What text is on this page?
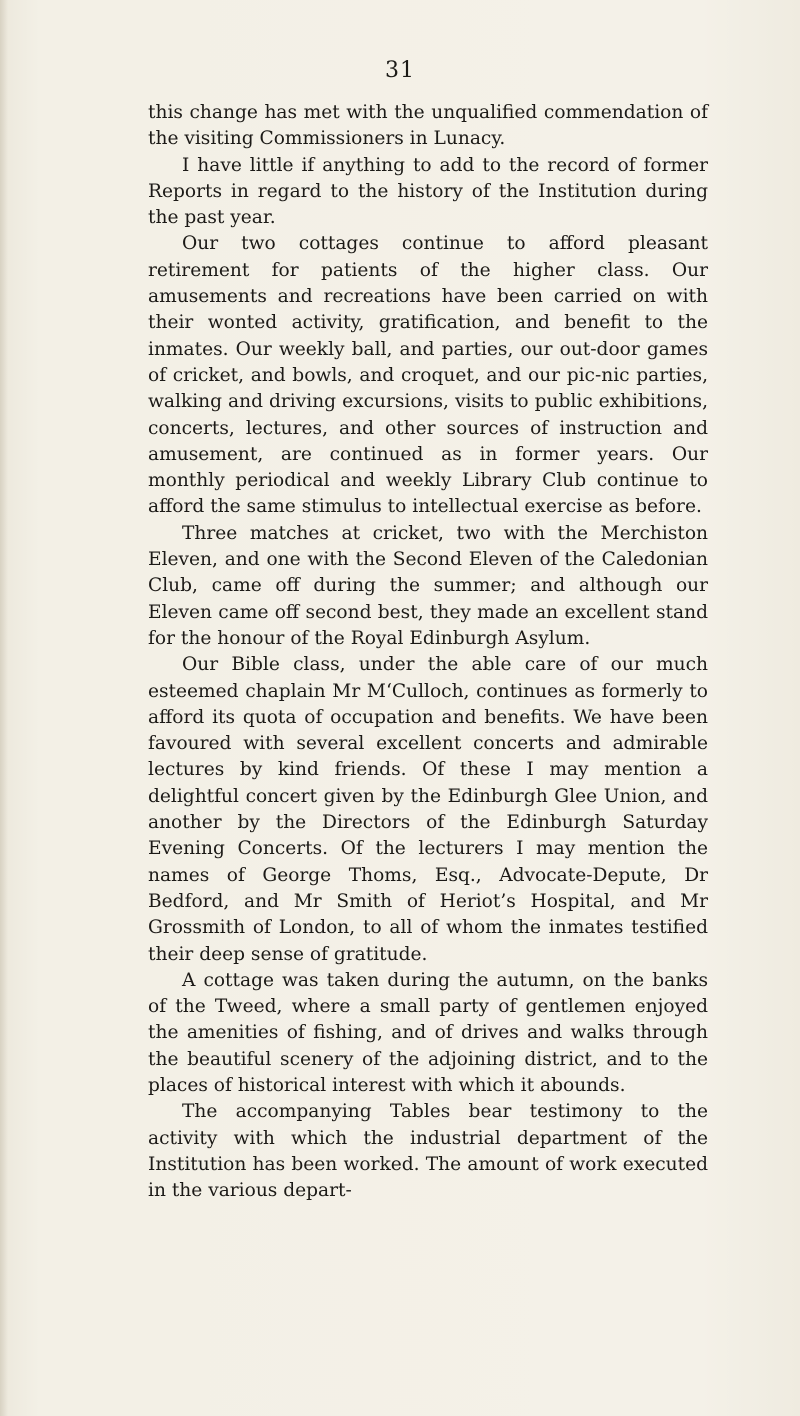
31

this change has met with the unqualified commendation of the visiting Commissioners in Lunacy.

I have little if anything to add to the record of former Reports in regard to the history of the Institution during the past year.

Our two cottages continue to afford pleasant retirement for patients of the higher class. Our amusements and recreations have been carried on with their wonted activity, gratification, and benefit to the inmates. Our weekly ball, and parties, our out-door games of cricket, and bowls, and croquet, and our pic-nic parties, walking and driving excursions, visits to public exhibitions, concerts, lectures, and other sources of instruction and amusement, are continued as in former years. Our monthly periodical and weekly Library Club continue to afford the same stimulus to intellectual exercise as before.

Three matches at cricket, two with the Merchiston Eleven, and one with the Second Eleven of the Caledonian Club, came off during the summer; and although our Eleven came off second best, they made an excellent stand for the honour of the Royal Edinburgh Asylum.

Our Bible class, under the able care of our much esteemed chaplain Mr M‘Culloch, continues as formerly to afford its quota of occupation and benefits. We have been favoured with several excellent concerts and admirable lectures by kind friends. Of these I may mention a delightful concert given by the Edinburgh Glee Union, and another by the Directors of the Edinburgh Saturday Evening Concerts. Of the lecturers I may mention the names of George Thoms, Esq., Advocate-Depute, Dr Bedford, and Mr Smith of Heriot’s Hospital, and Mr Grossmith of London, to all of whom the inmates testified their deep sense of gratitude.

A cottage was taken during the autumn, on the banks of the Tweed, where a small party of gentlemen enjoyed the amenities of fishing, and of drives and walks through the beautiful scenery of the adjoining district, and to the places of historical interest with which it abounds.

The accompanying Tables bear testimony to the activity with which the industrial department of the Institution has been worked. The amount of work executed in the various depart-
